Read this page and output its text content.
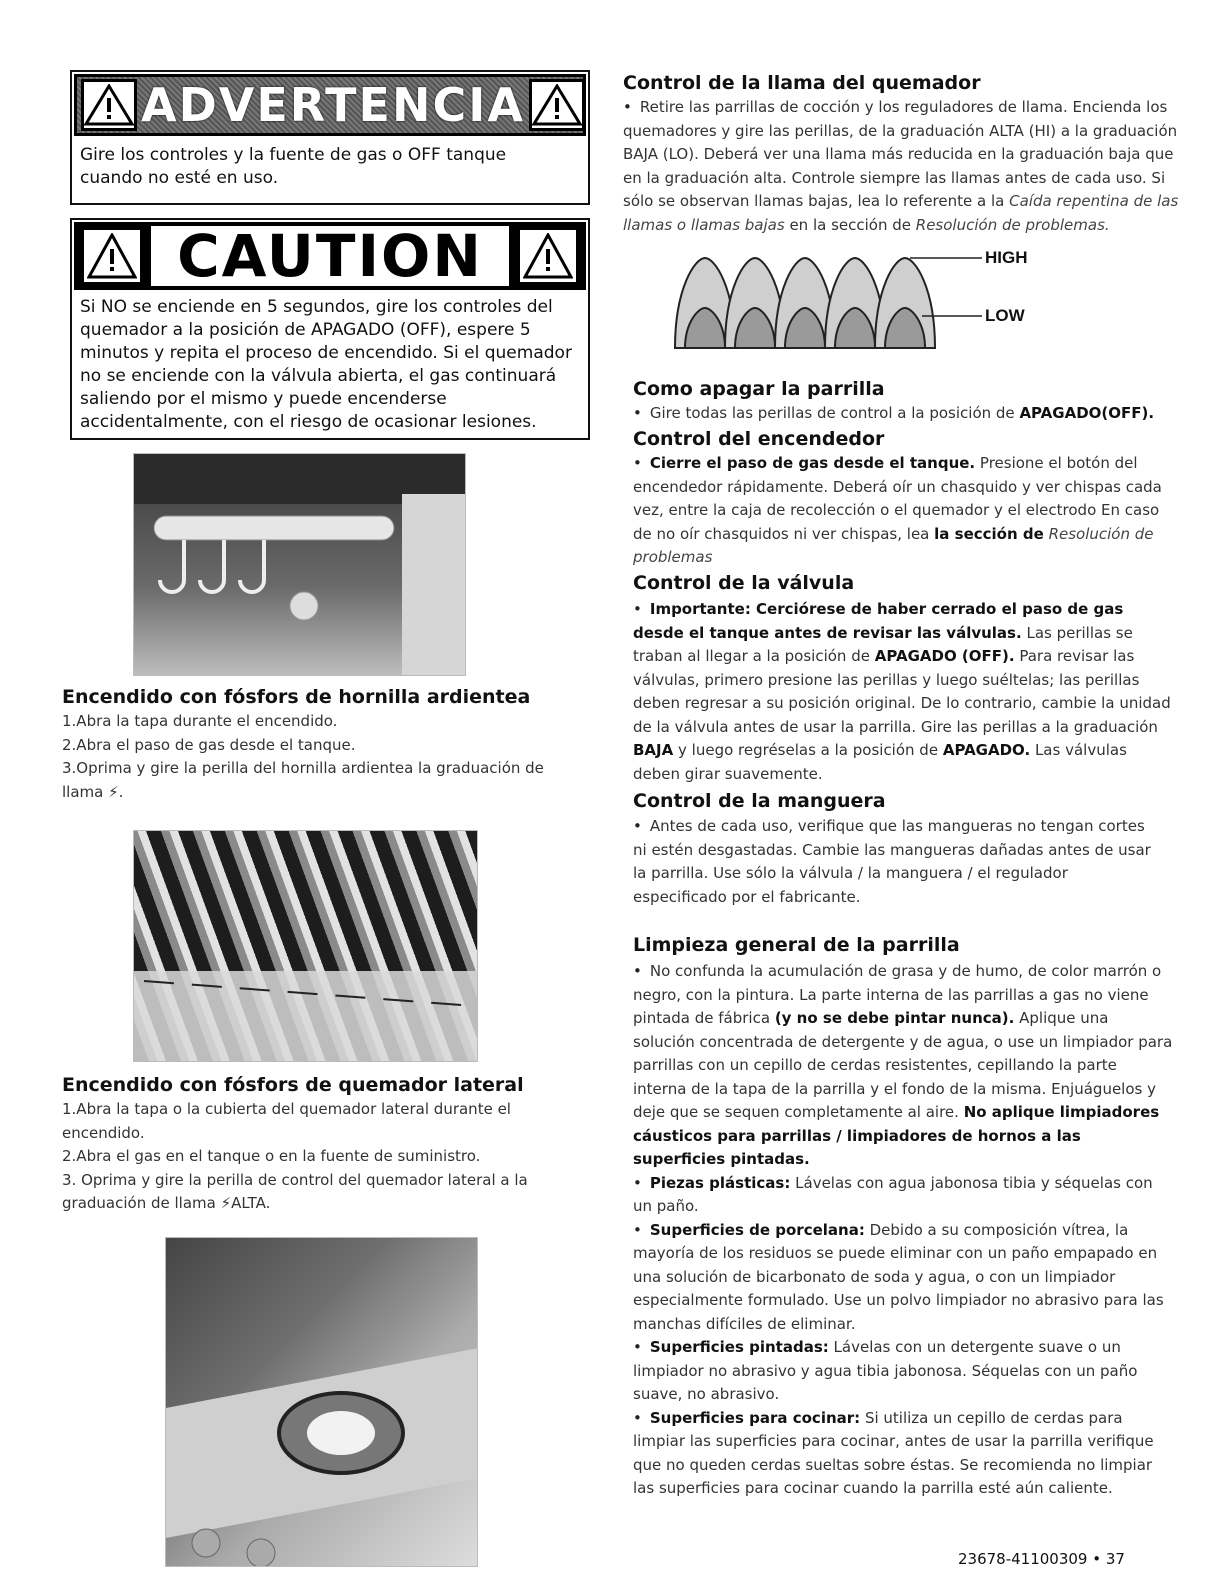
ADVERTENCIA
Gire los controles y la fuente de gas o OFF tanque cuando no esté en uso.
CAUTION
Si NO se enciende en 5 segundos, gire los controles del quemador a la posición de APAGADO (OFF), espere 5 minutos y repita el proceso de encendido. Si el quemador no se enciende con la válvula abierta, el gas continuará saliendo por el mismo y puede encenderse accidentalmente, con el riesgo de ocasionar lesiones.
Encendido con fósfors de hornilla ardientea
1.Abra la tapa durante el encendido.
2.Abra el paso de gas desde el tanque.
3.Oprima y gire la perilla del hornilla ardientea la graduación de llama ⚡.
Encendido con fósfors de quemador lateral
1.Abra la tapa o la cubierta del quemador lateral durante el encendido.
2.Abra el gas en el tanque o en la fuente de suministro.
3. Oprima y gire la perilla de control del quemador lateral a la graduación de llama ⚡ALTA.
Control de la llama del quemador
• Retire las parrillas de cocción y los reguladores de llama. Encienda los quemadores y gire las perillas, de la graduación ALTA (HI) a la graduación BAJA (LO). Deberá ver una llama más reducida en la graduación baja que en la graduación alta. Controle siempre las llamas antes de cada uso. Si sólo se observan llamas bajas, lea lo referente a la Caída repentina de las llamas o llamas bajas en la sección de Resolución de problemas.
HIGH
LOW
Como apagar la parrilla
• Gire todas las perillas de control a la posición de APAGADO(OFF).
Control del encendedor
• Cierre el paso de gas desde el tanque. Presione el botón del encendedor rápidamente. Deberá oír un chasquido y ver chispas cada vez, entre la caja de recolección o el quemador y el electrodo En caso de no oír chasquidos ni ver chispas, lea la sección de Resolución de problemas
Control de la válvula
• Importante: Cerciórese de haber cerrado el paso de gas desde el tanque antes de revisar las válvulas. Las perillas se traban al llegar a la posición de APAGADO (OFF). Para revisar las válvulas, primero presione las perillas y luego suéltelas; las perillas deben regresar a su posición original. De lo contrario, cambie la unidad de la válvula antes de usar la parrilla. Gire las perillas a la graduación BAJA y luego regréselas a la posición de APAGADO. Las válvulas deben girar suavemente.
Control de la manguera
• Antes de cada uso, verifique que las mangueras no tengan cortes ni estén desgastadas. Cambie las mangueras dañadas antes de usar la parrilla. Use sólo la válvula / la manguera / el regulador especificado por el fabricante.
Limpieza general de la parrilla
• No confunda la acumulación de grasa y de humo, de color marrón o negro, con la pintura. La parte interna de las parrillas a gas no viene pintada de fábrica (y no se debe pintar nunca). Aplique una solución concentrada de detergente y de agua, o use un limpiador para parrillas con un cepillo de cerdas resistentes, cepillando la parte interna de la tapa de la parrilla y el fondo de la misma. Enjuáguelos y deje que se sequen completamente al aire. No aplique limpiadores cáusticos para parrillas / limpiadores de hornos a las superficies pintadas.
• Piezas plásticas: Lávelas con agua jabonosa tibia y séquelas con un paño.
• Superficies de porcelana: Debido a su composición vítrea, la mayoría de los residuos se puede eliminar con un paño empapado en una solución de bicarbonato de soda y agua, o con un limpiador especialmente formulado. Use un polvo limpiador no abrasivo para las manchas difíciles de eliminar.
• Superficies pintadas: Lávelas con un detergente suave o un limpiador no abrasivo y agua tibia jabonosa. Séquelas con un paño suave, no abrasivo.
• Superficies para cocinar: Si utiliza un cepillo de cerdas para limpiar las superficies para cocinar, antes de usar la parrilla verifique que no queden cerdas sueltas sobre éstas. Se recomienda no limpiar las superficies para cocinar cuando la parrilla esté aún caliente.
23678-41100309 • 37
